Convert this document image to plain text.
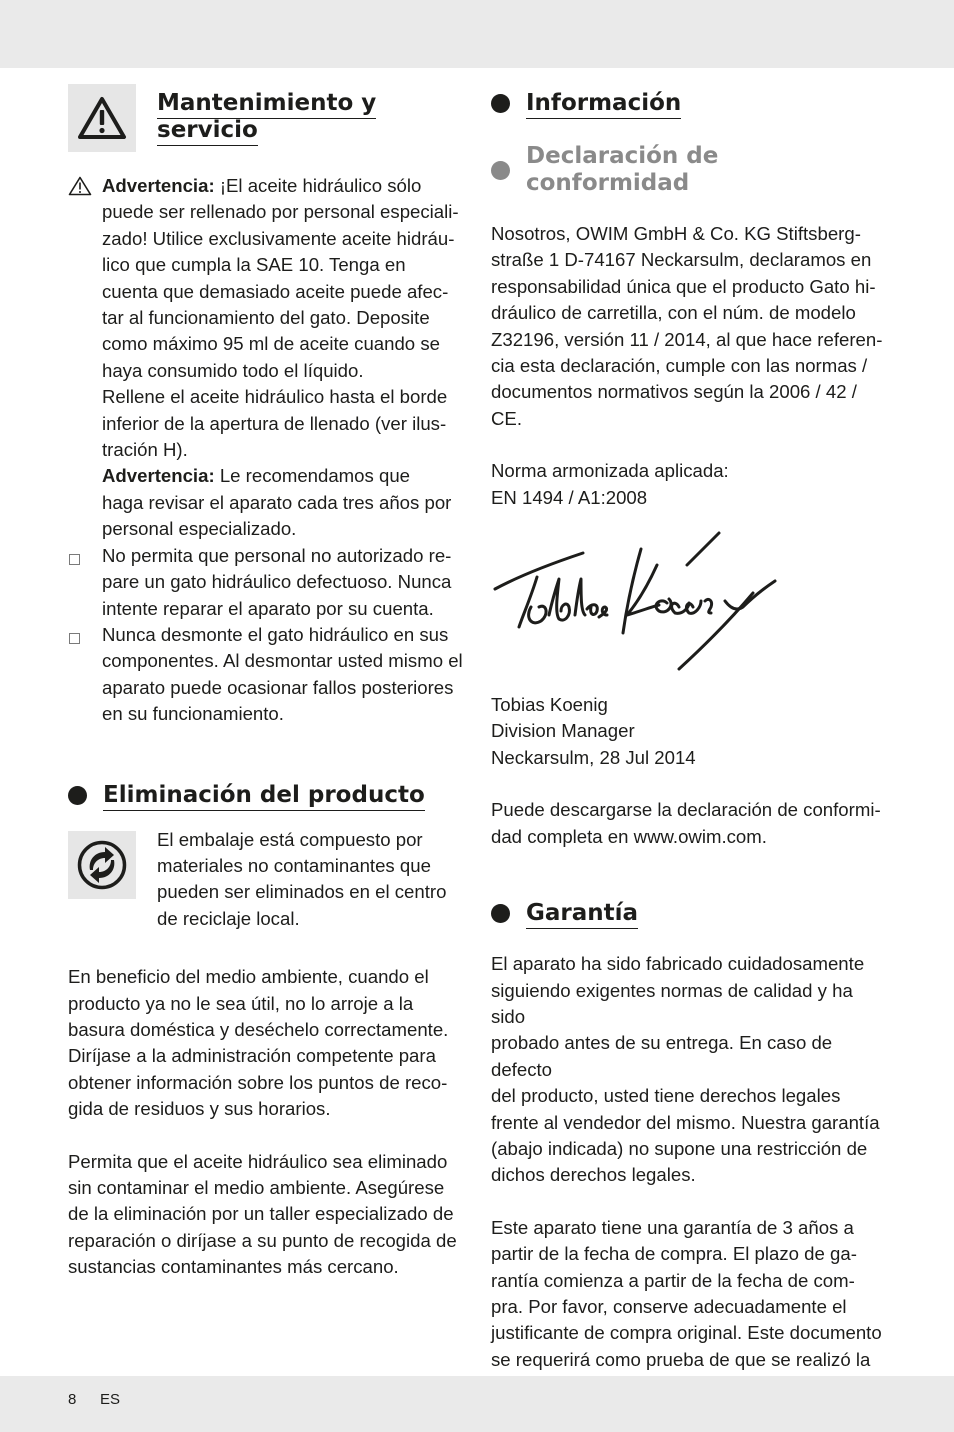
Mantenimiento y
servicio
Advertencia: ¡El aceite hidráulico sólo
puede ser rellenado por personal especiali-
zado! Utilice exclusivamente aceite hidráu-
lico que cumpla la SAE 10. Tenga en
cuenta que demasiado aceite puede afec-
tar al funcionamiento del gato. Deposite
como máximo 95 ml de aceite cuando se
haya consumido todo el líquido.
Rellene el aceite hidráulico hasta el borde
inferior de la apertura de llenado (ver ilus-
tración H).
Advertencia: Le recomendamos que
haga revisar el aparato cada tres años por
personal especializado.
No permita que personal no autorizado re-
pare un gato hidráulico defectuoso. Nunca
intente reparar el aparato por su cuenta.
Nunca desmonte el gato hidráulico en sus
componentes. Al desmontar usted mismo el
aparato puede ocasionar fallos posteriores
en su funcionamiento.
Eliminación del producto
El embalaje está compuesto por
materiales no contaminantes que
pueden ser eliminados en el centro
de reciclaje local.

En beneficio del medio ambiente, cuando el
producto ya no le sea útil, no lo arroje a la
basura doméstica y deséchelo correctamente.
Diríjase a la administración competente para
obtener información sobre los puntos de reco-
gida de residuos y sus horarios.

Permita que el aceite hidráulico sea eliminado
sin contaminar el medio ambiente. Asegúrese
de la eliminación por un taller especializado de
reparación o diríjase a su punto de recogida de
sustancias contaminantes más cercano.

Información
Declaración de conformidad

Nosotros, OWIM GmbH & Co. KG Stiftsberg-
straße 1 D-74167 Neckarsulm, declaramos en
responsabilidad única que el producto Gato hi-
dráulico de carretilla, con el núm. de modelo
Z32196, versión 11 / 2014, al que hace referen-
cia esta declaración, cumple con las normas /
documentos normativos según la 2006 / 42 / CE.

Norma armonizada aplicada:
EN 1494 / A1:2008

Tobias Koenig
Division Manager
Neckarsulm, 28 Jul 2014

Puede descargarse la declaración de conformi-
dad completa en www.owim.com.

Garantía

El aparato ha sido fabricado cuidadosamente
siguiendo exigentes normas de calidad y ha sido
probado antes de su entrega. En caso de defecto
del producto, usted tiene derechos legales
frente al vendedor del mismo. Nuestra garantía
(abajo indicada) no supone una restricción de
dichos derechos legales.

Este aparato tiene una garantía de 3 años a
partir de la fecha de compra. El plazo de ga-
rantía comienza a partir de la fecha de com-
pra. Por favor, conserve adecuadamente el
justificante de compra original. Este documento
se requerirá como prueba de que se realizó la

8 ES
